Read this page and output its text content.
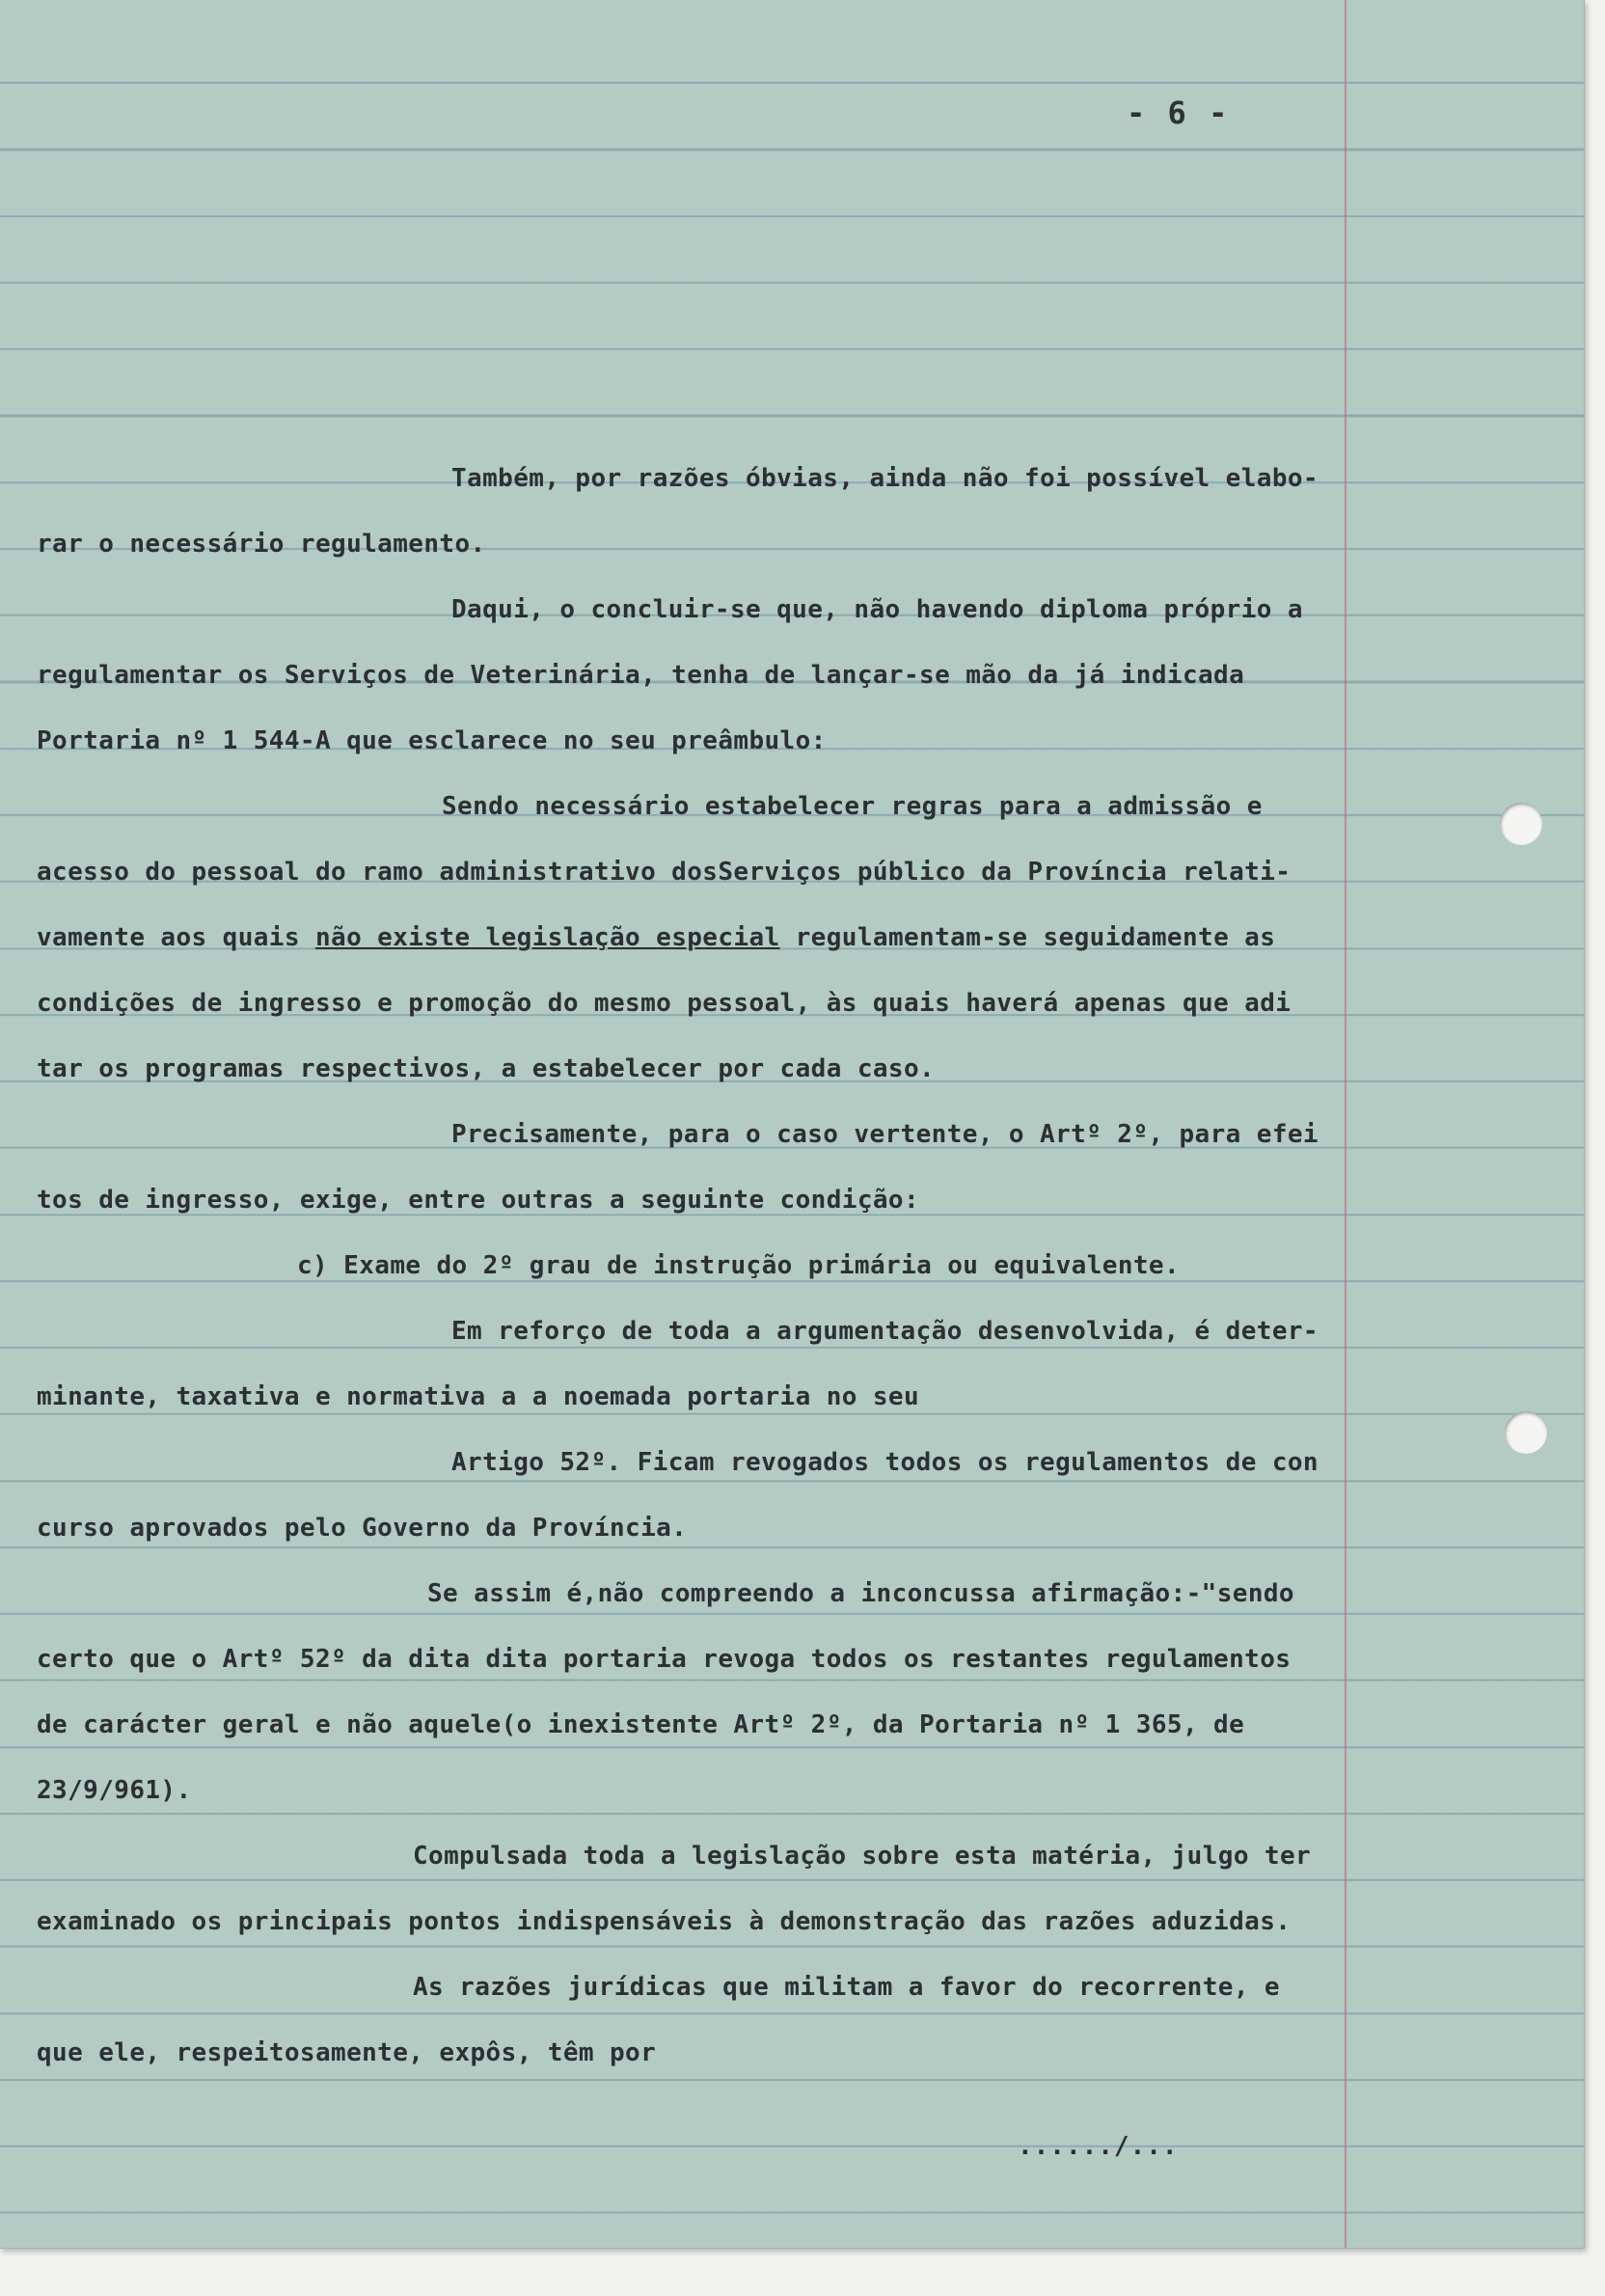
- 6 -
Também, por razões óbvias, ainda não foi possível elabo-
rar o necessário regulamento.
Daqui, o concluir-se que, não havendo diploma próprio a
regulamentar os Serviços de Veterinária, tenha de lançar-se mão da já indicada
Portaria nº 1 544-A que esclarece no seu preâmbulo:
Sendo necessário estabelecer regras para a admissão e
acesso do pessoal do ramo administrativo dosServiços público da Província relati-
vamente aos quais não existe legislação especial regulamentam-se seguidamente as
condições de ingresso e promoção do mesmo pessoal, às quais haverá apenas que adi
tar os programas respectivos, a estabelecer por cada caso.
Precisamente, para o caso vertente, o Artº 2º, para efei
tos de ingresso, exige, entre outras a seguinte condição:
c) Exame do 2º grau de instrução primária ou equivalente.
Em reforço de toda a argumentação desenvolvida, é deter-
minante, taxativa e normativa a a noemada portaria no seu
Artigo 52º. Ficam revogados todos os regulamentos de con
curso aprovados pelo Governo da Província.
Se assim é,não compreendo a inconcussa afirmação:-"sendo
certo que o Artº 52º da dita dita portaria revoga todos os restantes regulamentos
de carácter geral e não aquele(o inexistente Artº 2º, da Portaria nº 1 365, de
23/9/961).
Compulsada toda a legislação sobre esta matéria, julgo ter
examinado os principais pontos indispensáveis à demonstração das razões aduzidas.
As razões jurídicas que militam a favor do recorrente, e
que ele, respeitosamente, expôs, têm por
....../...
